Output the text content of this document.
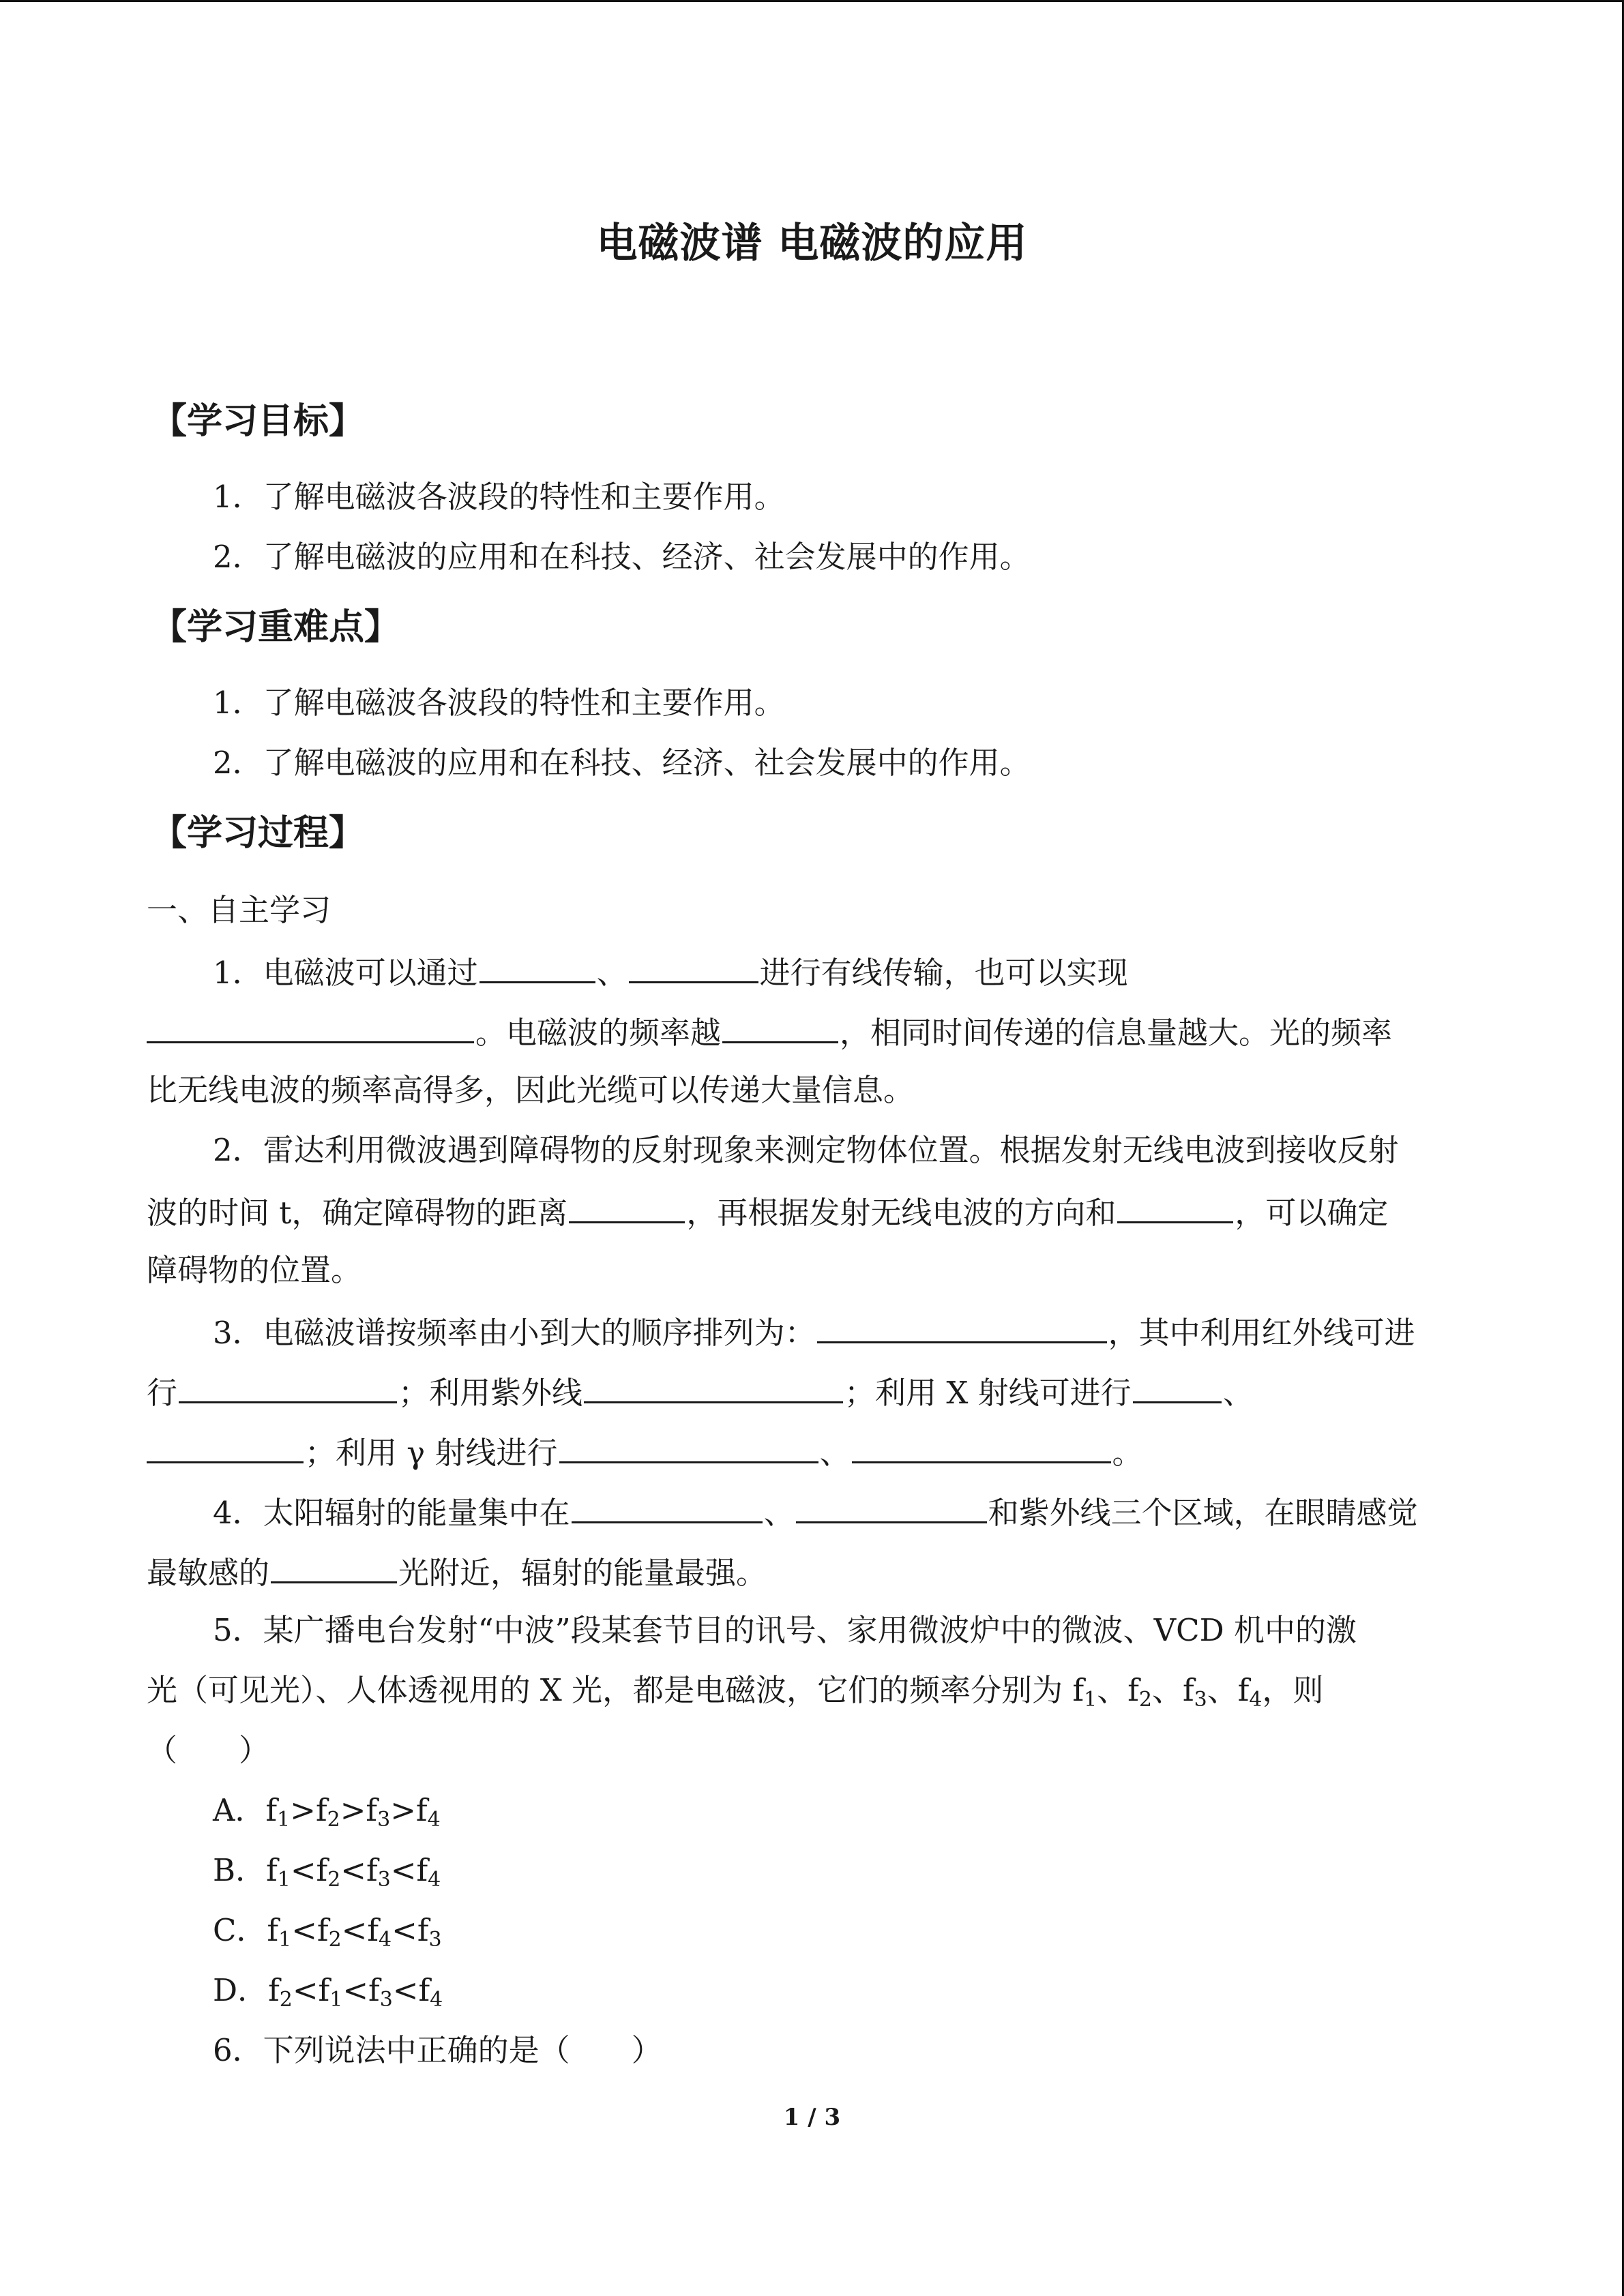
电磁波谱 电磁波的应用
【学习目标】
1．了解电磁波各波段的特性和主要作用。
2．了解电磁波的应用和在科技、经济、社会发展中的作用。
【学习重难点】
1．了解电磁波各波段的特性和主要作用。
2．了解电磁波的应用和在科技、经济、社会发展中的作用。
【学习过程】
一、自主学习
1．电磁波可以通过	、	进行有线传输，也可以实现
。电磁波的频率越	，相同时间传递的信息量越大。光的频率
比无线电波的频率高得多，因此光缆可以传递大量信息。
2．雷达利用微波遇到障碍物的反射现象来测定物体位置。根据发射无线电波到接收反射
波的时间 t，确定障碍物的距离	，再根据发射无线电波的方向和	，可以确定
障碍物的位置。
3．电磁波谱按频率由小到大的顺序排列为：	，其中利用红外线可进
行	；利用紫外线	；利用 X 射线可进行	、
；利用 γ 射线进行	、	。
4．太阳辐射的能量集中在	、	和紫外线三个区域，在眼睛感觉
最敏感的	光附近，辐射的能量最强。
5．某广播电台发射“中波”段某套节目的讯号、家用微波炉中的微波、VCD 机中的激
光（可见光）、人体透视用的 X 光，都是电磁波，它们的频率分别为 $f_1$、$f_2$、$f_3$、$f_4$，则
（　　）
A．$f_1>f_2>f_3>f_4$
B．$f_1<f_2<f_3<f_4$
C．$f_1<f_2<f_4<f_3$
D．$f_2<f_1<f_3<f_4$
6．下列说法中正确的是（　　）
1 / 3
